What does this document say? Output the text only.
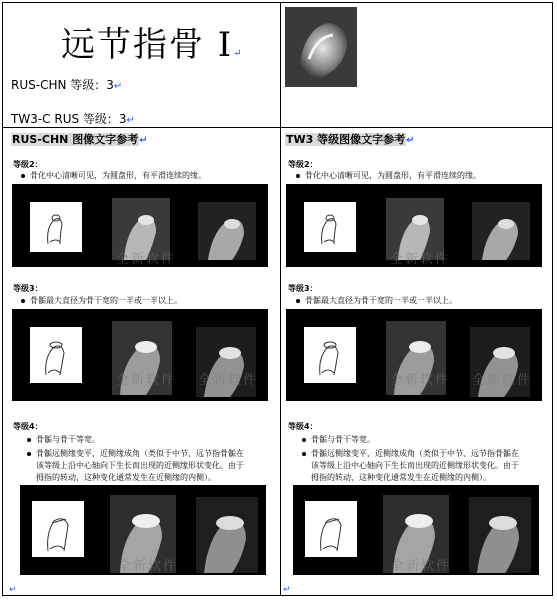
远节指骨 I↵
RUS-CHN 等级：3↵
TW3-C RUS 等级：3↵
RUS-CHN 图像文字参考↵	TW3 等级图像文字参考↵
等级2：
骨化中心清晰可见，为圆盘形，有平滑连续的缘。
全新软件
等级3：
骨骺最大直径为骨干宽的一半或一半以上。
全新软件 全新软件
等级4：
骨骺与骨干等宽。
骨骺远侧缘变平，近侧缘成角（类似于中节、远节指骨骺在
该等级上沿中心轴向下生长而出现的近侧缘形状变化。由于
拇指的转动，这种变化通常发生在近侧缘的内侧）。
全新软件
↵
等级2：
骨化中心清晰可见，为圆盘形，有平滑连续的缘。
全新软件
等级3：
骨骺最大直径为骨干宽的一半或一半以上。
全新软件 全新软件
等级4：
骨骺与骨干等宽。
骨骺远侧缘变平，近侧缘成角（类似于中节、远节指骨骺在
该等级上沿中心轴向下生长而出现的近侧缘形状变化。由于
拇指的转动，这种变化通常发生在近侧缘的内侧）。
全新软件
↵
